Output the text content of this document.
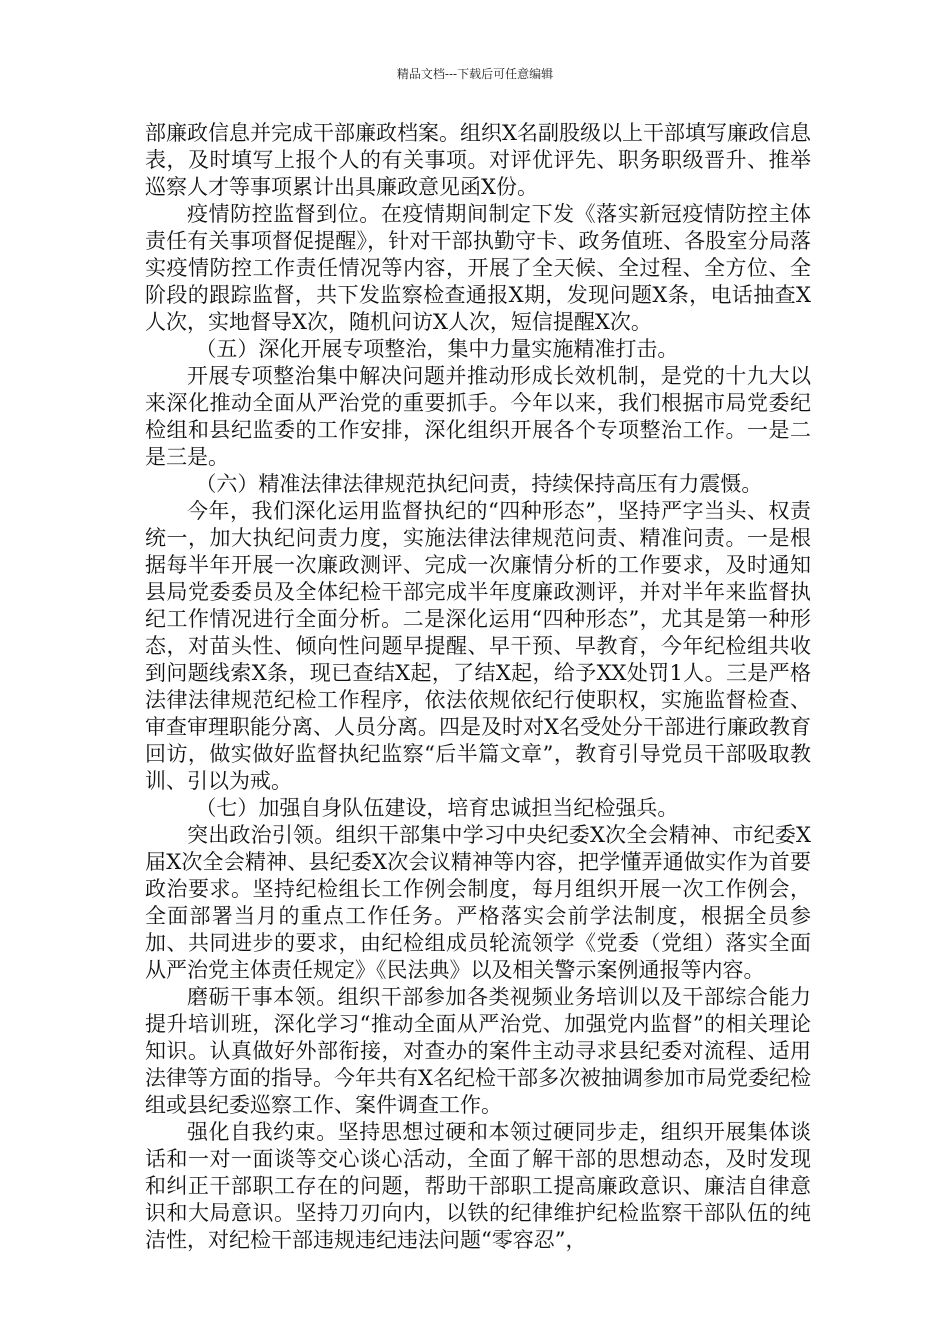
精品文档---下载后可任意编辑

部廉政信息并完成干部廉政档案。组织X名副股级以上干部填写廉政信息表，及时填写上报个人的有关事项。对评优评先、职务职级晋升、推举巡察人才等事项累计出具廉政意见函X份。

疫情防控监督到位。在疫情期间制定下发《落实新冠疫情防控主体责任有关事项督促提醒》，针对干部执勤守卡、政务值班、各股室分局落实疫情防控工作责任情况等内容，开展了全天候、全过程、全方位、全阶段的跟踪监督，共下发监察检查通报X期，发现问题X条，电话抽查X人次，实地督导X次，随机问访X人次，短信提醒X次。

（五）深化开展专项整治，集中力量实施精准打击。

开展专项整治集中解决问题并推动形成长效机制，是党的十九大以来深化推动全面从严治党的重要抓手。今年以来，我们根据市局党委纪检组和县纪监委的工作安排，深化组织开展各个专项整治工作。一是二是三是。

（六）精准法律法律规范执纪问责，持续保持高压有力震慑。

今年，我们深化运用监督执纪的“四种形态”，坚持严字当头、权责统一，加大执纪问责力度，实施法律法律规范问责、精准问责。一是根据每半年开展一次廉政测评、完成一次廉情分析的工作要求，及时通知县局党委委员及全体纪检干部完成半年度廉政测评，并对半年来监督执纪工作情况进行全面分析。二是深化运用“四种形态”，尤其是第一种形态，对苗头性、倾向性问题早提醒、早干预、早教育，今年纪检组共收到问题线索X条，现已查结X起，了结X起，给予XX处罚1人。三是严格法律法律规范纪检工作程序，依法依规依纪行使职权，实施监督检查、审查审理职能分离、人员分离。四是及时对X名受处分干部进行廉政教育回访，做实做好监督执纪监察“后半篇文章”，教育引导党员干部吸取教训、引以为戒。

（七）加强自身队伍建设，培育忠诚担当纪检强兵。

突出政治引领。组织干部集中学习中央纪委X次全会精神、市纪委X届X次全会精神、县纪委X次会议精神等内容，把学懂弄通做实作为首要政治要求。坚持纪检组长工作例会制度，每月组织开展一次工作例会，全面部署当月的重点工作任务。严格落实会前学法制度，根据全员参加、共同进步的要求，由纪检组成员轮流领学《党委（党组）落实全面从严治党主体责任规定》《民法典》以及相关警示案例通报等内容。

磨砺干事本领。组织干部参加各类视频业务培训以及干部综合能力提升培训班，深化学习“推动全面从严治党、加强党内监督”的相关理论知识。认真做好外部衔接，对查办的案件主动寻求县纪委对流程、适用法律等方面的指导。今年共有X名纪检干部多次被抽调参加市局党委纪检组或县纪委巡察工作、案件调查工作。

强化自我约束。坚持思想过硬和本领过硬同步走，组织开展集体谈话和一对一面谈等交心谈心活动，全面了解干部的思想动态，及时发现和纠正干部职工存在的问题，帮助干部职工提高廉政意识、廉洁自律意识和大局意识。坚持刀刃向内，以铁的纪律维护纪检监察干部队伍的纯洁性，对纪检干部违规违纪违法问题“零容忍”，
